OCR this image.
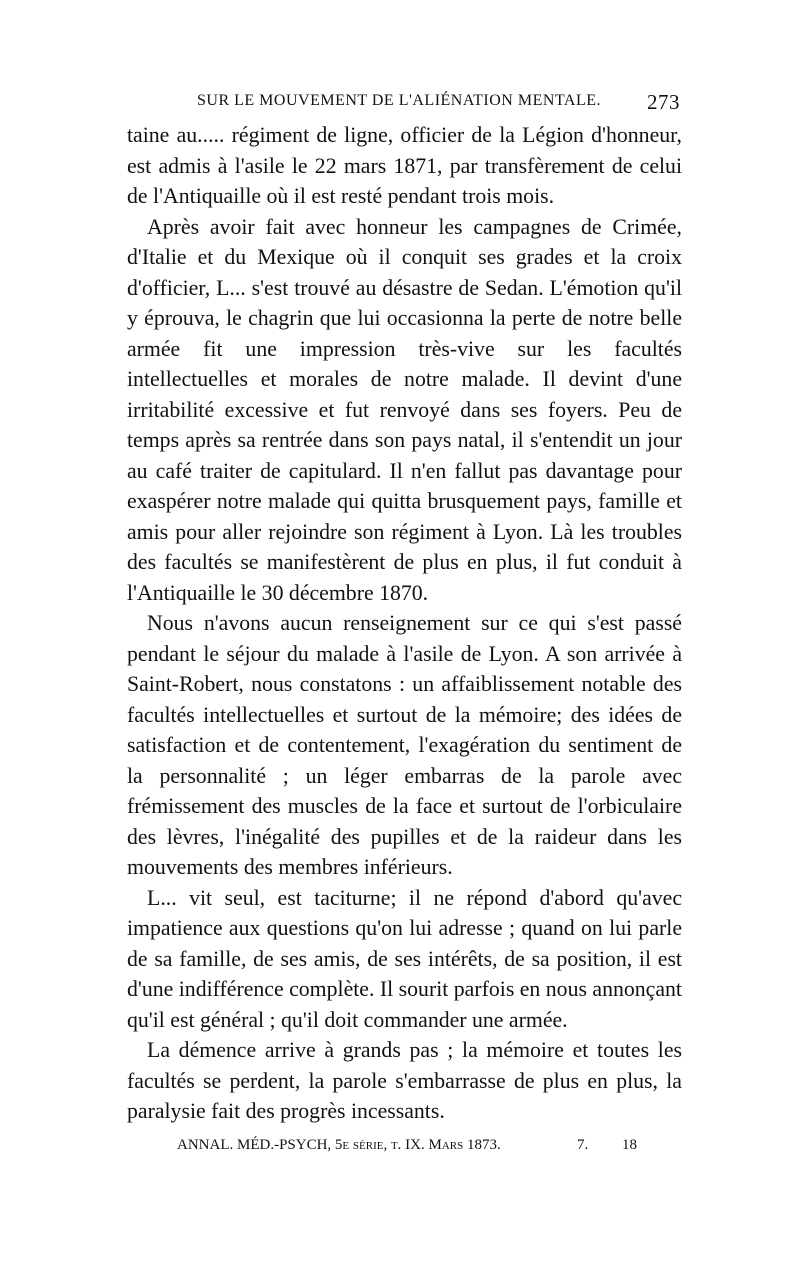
SUR LE MOUVEMENT DE L'ALIÉNATION MENTALE. 273

taine au..... régiment de ligne, officier de la Légion d'honneur, est admis à l'asile le 22 mars 1871, par transfèrement de celui de l'Antiquaille où il est resté pendant trois mois.

Après avoir fait avec honneur les campagnes de Crimée, d'Italie et du Mexique où il conquit ses grades et la croix d'officier, L... s'est trouvé au désastre de Sedan. L'émotion qu'il y éprouva, le chagrin que lui occasionna la perte de notre belle armée fit une impression très-vive sur les facultés intellectuelles et morales de notre malade. Il devint d'une irritabilité excessive et fut renvoyé dans ses foyers. Peu de temps après sa rentrée dans son pays natal, il s'entendit un jour au café traiter de capitulard. Il n'en fallut pas davantage pour exaspérer notre malade qui quitta brusquement pays, famille et amis pour aller rejoindre son régiment à Lyon. Là les troubles des facultés se manifestèrent de plus en plus, il fut conduit à l'Antiquaille le 30 décembre 1870.

Nous n'avons aucun renseignement sur ce qui s'est passé pendant le séjour du malade à l'asile de Lyon. A son arrivée à Saint-Robert, nous constatons : un affaiblissement notable des facultés intellectuelles et surtout de la mémoire; des idées de satisfaction et de contentement, l'exagération du sentiment de la personnalité ; un léger embarras de la parole avec frémissement des muscles de la face et surtout de l'orbiculaire des lèvres, l'inégalité des pupilles et de la raideur dans les mouvements des membres inférieurs.

L... vit seul, est taciturne; il ne répond d'abord qu'avec impatience aux questions qu'on lui adresse ; quand on lui parle de sa famille, de ses amis, de ses intérêts, de sa position, il est d'une indifférence complète. Il sourit parfois en nous annonçant qu'il est général ; qu'il doit commander une armée.

La démence arrive à grands pas ; la mémoire et toutes les facultés se perdent, la parole s'embarrasse de plus en plus, la paralysie fait des progrès incessants.

ANNAL. MÉD.-PSYCH, 5e série, t. IX. Mars 1873.	7. 18
